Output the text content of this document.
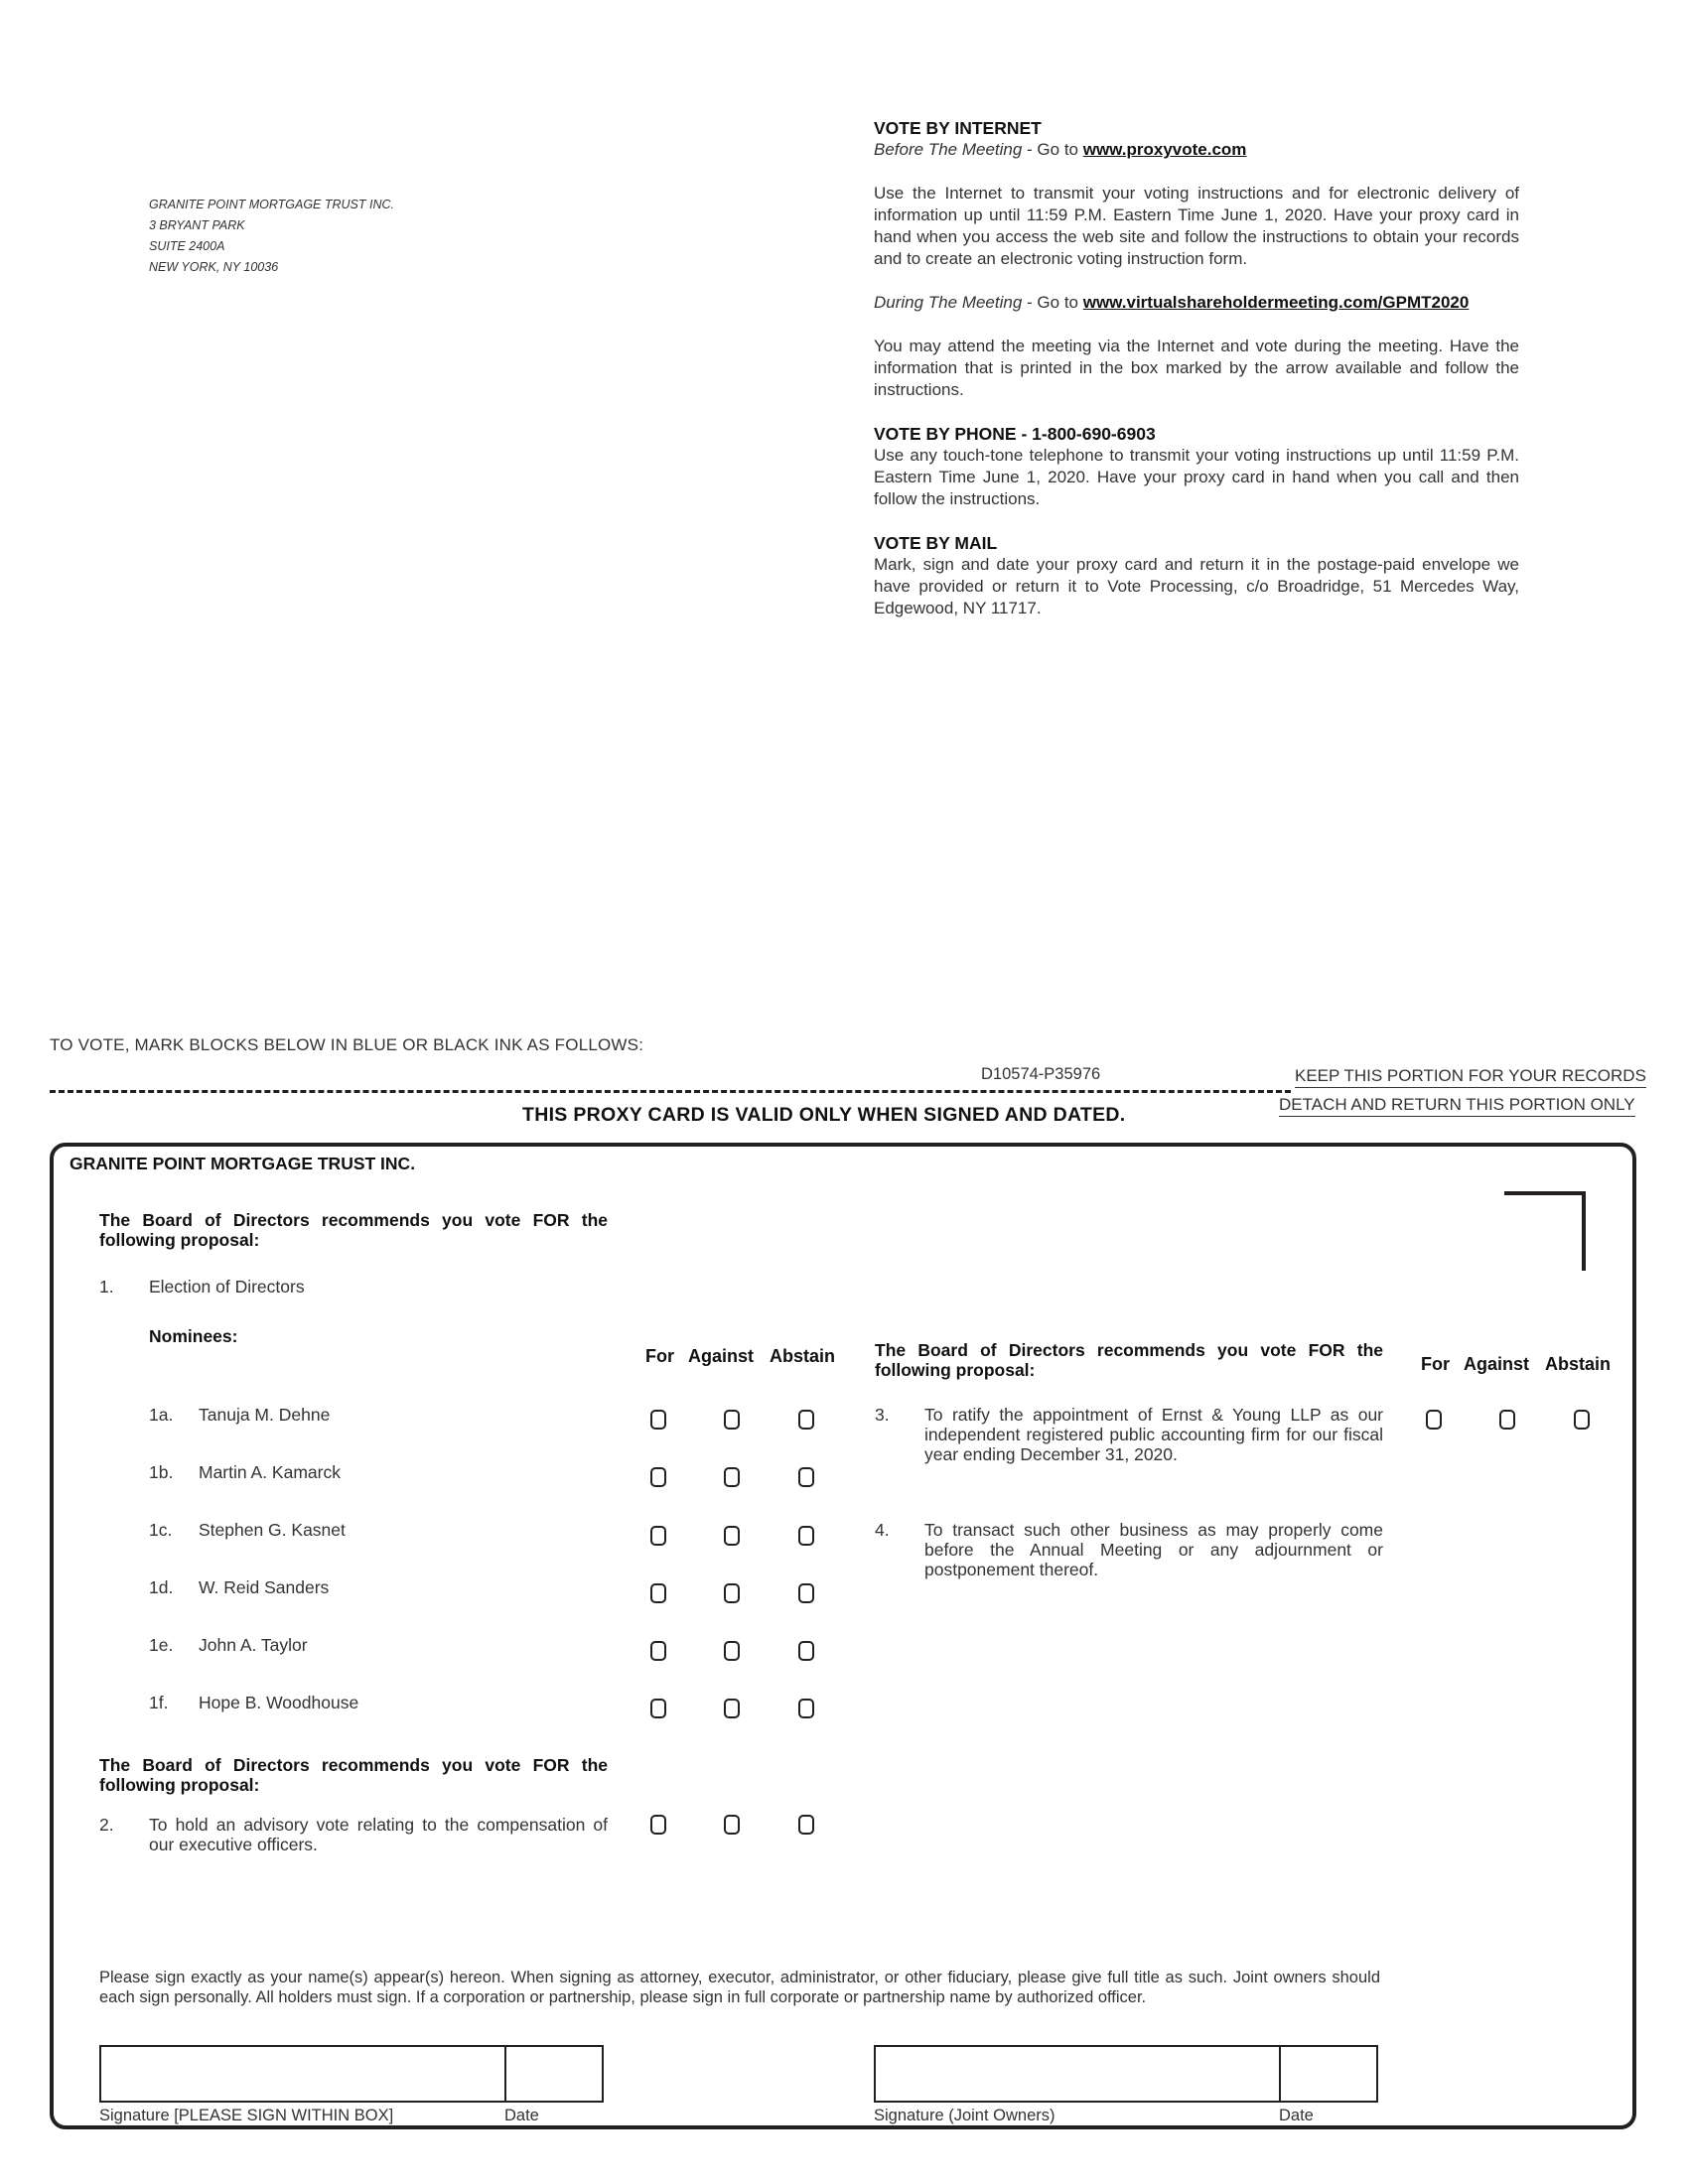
GRANITE POINT MORTGAGE TRUST INC.
3 BRYANT PARK
SUITE 2400A
NEW YORK, NY 10036
VOTE BY INTERNET

Before The Meeting - Go to www.proxyvote.com

Use the Internet to transmit your voting instructions and for electronic delivery of information up until 11:59 P.M. Eastern Time June 1, 2020. Have your proxy card in hand when you access the web site and follow the instructions to obtain your records and to create an electronic voting instruction form.

During The Meeting - Go to www.virtualshareholdermeeting.com/GPMT2020

You may attend the meeting via the Internet and vote during the meeting. Have the information that is printed in the box marked by the arrow available and follow the instructions.

VOTE BY PHONE - 1-800-690-6903

Use any touch-tone telephone to transmit your voting instructions up until 11:59 P.M. Eastern Time June 1, 2020. Have your proxy card in hand when you call and then follow the instructions.

VOTE BY MAIL

Mark, sign and date your proxy card and return it in the postage-paid envelope we have provided or return it to Vote Processing, c/o Broadridge, 51 Mercedes Way, Edgewood, NY 11717.

TO VOTE, MARK BLOCKS BELOW IN BLUE OR BLACK INK AS FOLLOWS:
D10574-P35976	KEEP THIS PORTION FOR YOUR RECORDS
DETACH AND RETURN THIS PORTION ONLY
THIS PROXY CARD IS VALID ONLY WHEN SIGNED AND DATED.
GRANITE POINT MORTGAGE TRUST INC.
The Board of Directors recommends you vote FOR the following proposal:
1. Election of Directors
Nominees:
For Against Abstain
1a. Tanuja M. Dehne
1b. Martin A. Kamarck
1c. Stephen G. Kasnet
1d. W. Reid Sanders
1e. John A. Taylor
1f. Hope B. Woodhouse
The Board of Directors recommends you vote FOR the following proposal:
2. To hold an advisory vote relating to the compensation of our executive officers.
The Board of Directors recommends you vote FOR the following proposal:	For Against Abstain
3. To ratify the appointment of Ernst & Young LLP as our independent registered public accounting firm for our fiscal year ending December 31, 2020.
4. To transact such other business as may properly come before the Annual Meeting or any adjournment or postponement thereof.
Please sign exactly as your name(s) appear(s) hereon. When signing as attorney, executor, administrator, or other fiduciary, please give full title as such. Joint owners should each sign personally. All holders must sign. If a corporation or partnership, please sign in full corporate or partnership name by authorized officer.
Signature [PLEASE SIGN WITHIN BOX]	Date	Signature (Joint Owners)	Date
